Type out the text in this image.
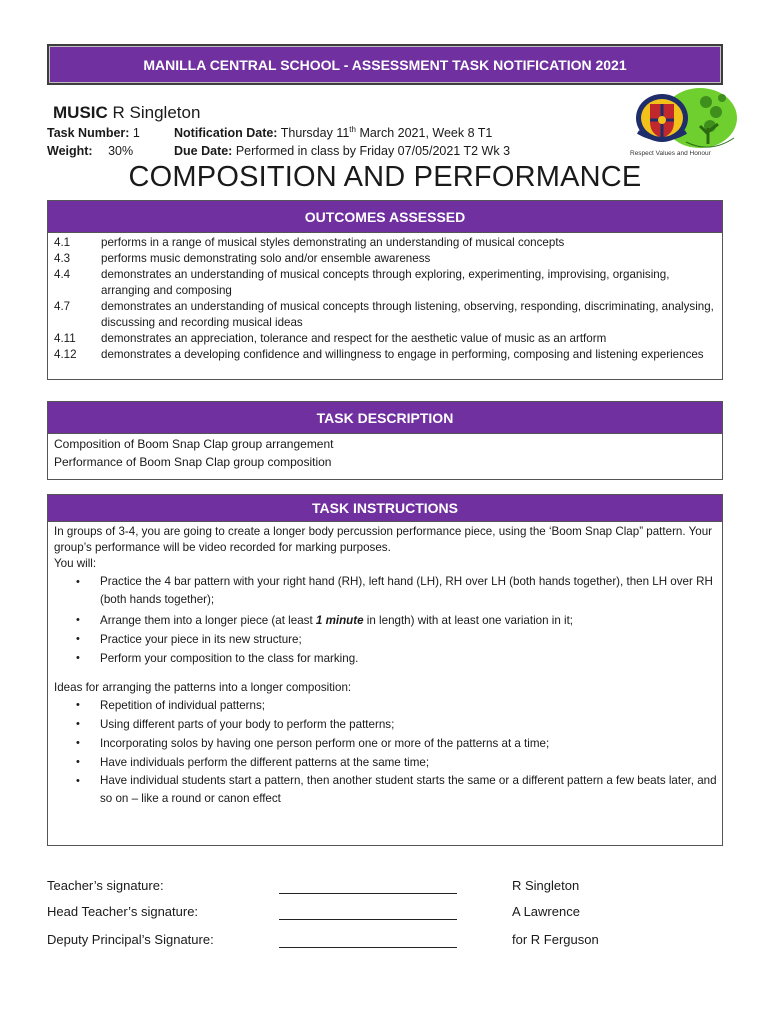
MANILLA CENTRAL SCHOOL - ASSESSMENT TASK NOTIFICATION 2021
MUSIC R Singleton
Task Number: 1
Weight: 30%
Notification Date: Thursday 11th March 2021, Week 8 T1
Due Date: Performed in class by Friday 07/05/2021 T2 Wk 3	Respect Values and Honour
COMPOSITION AND PERFORMANCE
OUTCOMES ASSESSED
4.1	performs in a range of musical styles demonstrating an understanding of musical concepts
4.3	performs music demonstrating solo and/or ensemble awareness
4.4	demonstrates an understanding of musical concepts through exploring, experimenting, improvising, organising, arranging and composing
4.7	demonstrates an understanding of musical concepts through listening, observing, responding, discriminating, analysing, discussing and recording musical ideas
4.11 demonstrates an appreciation, tolerance and respect for the aesthetic value of music as an artform
4.12 demonstrates a developing confidence and willingness to engage in performing, composing and listening experiences
TASK DESCRIPTION
Composition of Boom Snap Clap group arrangement
Performance of Boom Snap Clap group composition
TASK INSTRUCTIONS
In groups of 3-4, you are going to create a longer body percussion performance piece, using the ‘Boom Snap Clap” pattern. Your group’s performance will be video recorded for marking purposes.
You will:
• Practice the 4 bar pattern with your right hand (RH), left hand (LH), RH over LH (both hands together), then LH over RH (both hands together);
• Arrange them into a longer piece (at least 1 minute in length) with at least one variation in it;
• Practice your piece in its new structure;
• Perform your composition to the class for marking.
Ideas for arranging the patterns into a longer composition:
• Repetition of individual patterns;
• Using different parts of your body to perform the patterns;
• Incorporating solos by having one person perform one or more of the patterns at a time;
• Have individuals perform the different patterns at the same time;
• Have individual students start a pattern, then another student starts the same or a different pattern a few beats later, and so on – like a round or canon effect
Teacher’s signature:	R Singleton
Head Teacher’s signature:	A Lawrence
Deputy Principal’s Signature:	for R Ferguson
